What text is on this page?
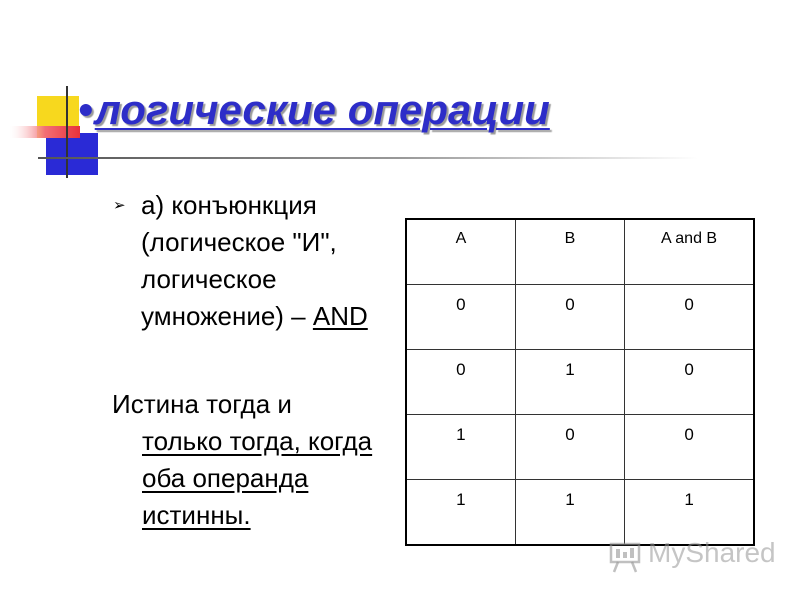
•логические операции
➢ а) конъюнкция
(логическое "И",
логическое
умножение) – AND
Истина тогда и
только тогда, когда
оба операнда
истинны.
A	B	A and B
0	0	0
0	1	0
1	0	0
1	1	1
MyShared
